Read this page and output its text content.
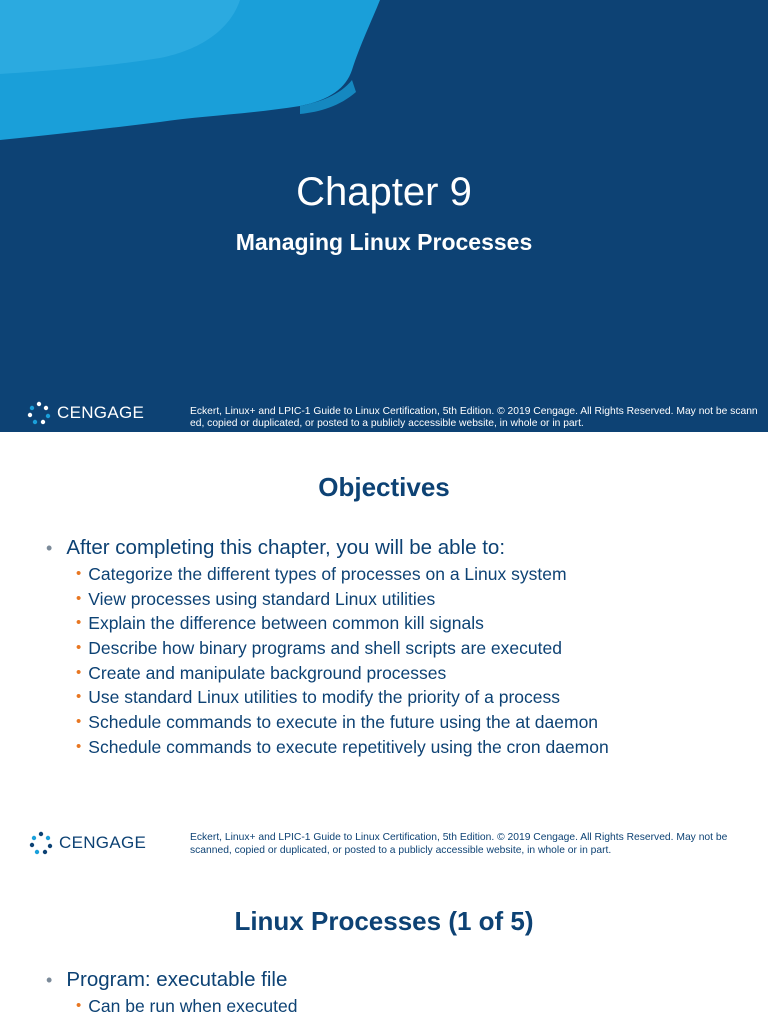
Chapter 9
Managing Linux Processes
CENGAGE	Eckert, Linux+ and LPIC-1 Guide to Linux Certification, 5th Edition. © 2019 Cengage. All Rights Reserved. May not be scanned, copied or duplicated, or posted to a publicly accessible website, in whole or in part.
Objectives
• After completing this chapter, you will be able to:
• Categorize the different types of processes on a Linux system
• View processes using standard Linux utilities
• Explain the difference between common kill signals
• Describe how binary programs and shell scripts are executed
• Create and manipulate background processes
• Use standard Linux utilities to modify the priority of a process
• Schedule commands to execute in the future using the at daemon
• Schedule commands to execute repetitively using the cron daemon
CENGAGE	Eckert, Linux+ and LPIC-1 Guide to Linux Certification, 5th Edition. © 2019 Cengage. All Rights Reserved. May not be scanned, copied or duplicated, or posted to a publicly accessible website, in whole or in part.
Linux Processes (1 of 5)
• Program: executable file
• Can be run when executed
